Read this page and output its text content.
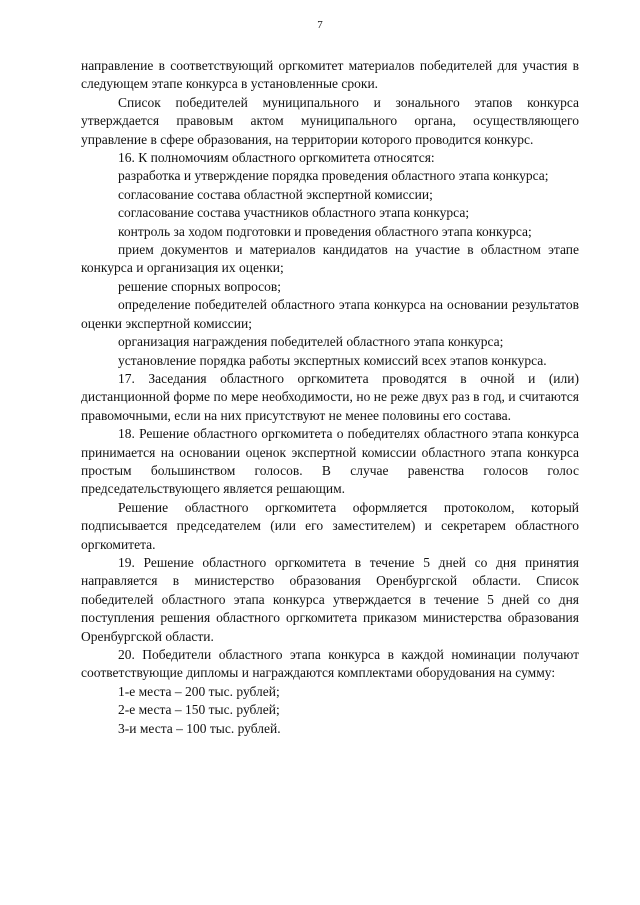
7

направление в соответствующий оргкомитет материалов победителей для участия в следующем этапе конкурса в установленные сроки.

Список победителей муниципального и зонального этапов конкурса утверждается правовым актом муниципального органа, осуществляющего управление в сфере образования, на территории которого проводится конкурс.

16. К полномочиям областного оргкомитета относятся:

разработка и утверждение порядка проведения областного этапа конкурса;

согласование состава областной экспертной комиссии;

согласование состава участников областного этапа конкурса;

контроль за ходом подготовки и проведения областного этапа конкурса;

прием документов и материалов кандидатов на участие в областном этапе конкурса и организация их оценки;

решение спорных вопросов;

определение победителей областного этапа конкурса на основании результатов оценки экспертной комиссии;

организация награждения победителей областного этапа конкурса;

установление порядка работы экспертных комиссий всех этапов конкурса.

17. Заседания областного оргкомитета проводятся в очной и (или) дистанционной форме по мере необходимости, но не реже двух раз в год, и считаются правомочными, если на них присутствуют не менее половины его состава.

18. Решение областного оргкомитета о победителях областного этапа конкурса принимается на основании оценок экспертной комиссии областного этапа конкурса простым большинством голосов. В случае равенства голосов голос председательствующего является решающим.

Решение областного оргкомитета оформляется протоколом, который подписывается председателем (или его заместителем) и секретарем областного оргкомитета.

19. Решение областного оргкомитета в течение 5 дней со дня принятия направляется в министерство образования Оренбургской области. Список победителей областного этапа конкурса утверждается в течение 5 дней со дня поступления решения областного оргкомитета приказом министерства образования Оренбургской области.

20. Победители областного этапа конкурса в каждой номинации получают соответствующие дипломы и награждаются комплектами оборудования на сумму:

1-е места – 200 тыс. рублей;

2-е места – 150 тыс. рублей;

3-и места – 100 тыс. рублей.
